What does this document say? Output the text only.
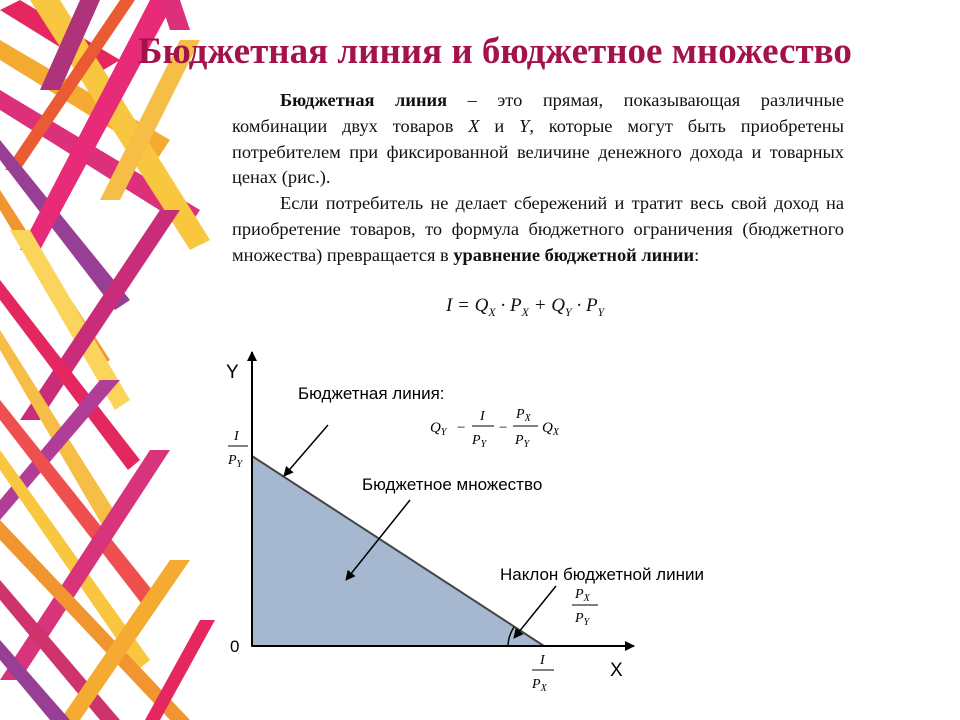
Бюджетная линия и бюджетное множество

Бюджетная линия – это прямая, показывающая различные комбинации двух товаров X и Y, которые могут быть приобретены потребителем при фиксированной величине денежного дохода и товарных ценах (рис.).

Если потребитель не делает сбережений и тратит весь свой доход на приобретение товаров, то формула бюджетного ограничения (бюджетного множества) превращается в уравнение бюджетной линии:

$I = Q_X \cdot P_X + Q_Y \cdot P_Y$
Y
X
0
I
$P_Y$
I
$P_X$
Бюджетная линия:
$Q_Y$ −
I
$P_Y$
−
$P_X$
$P_Y$
$Q_X$
Бюджетное множество
Наклон бюджетной линии
$P_X$
$P_Y$
